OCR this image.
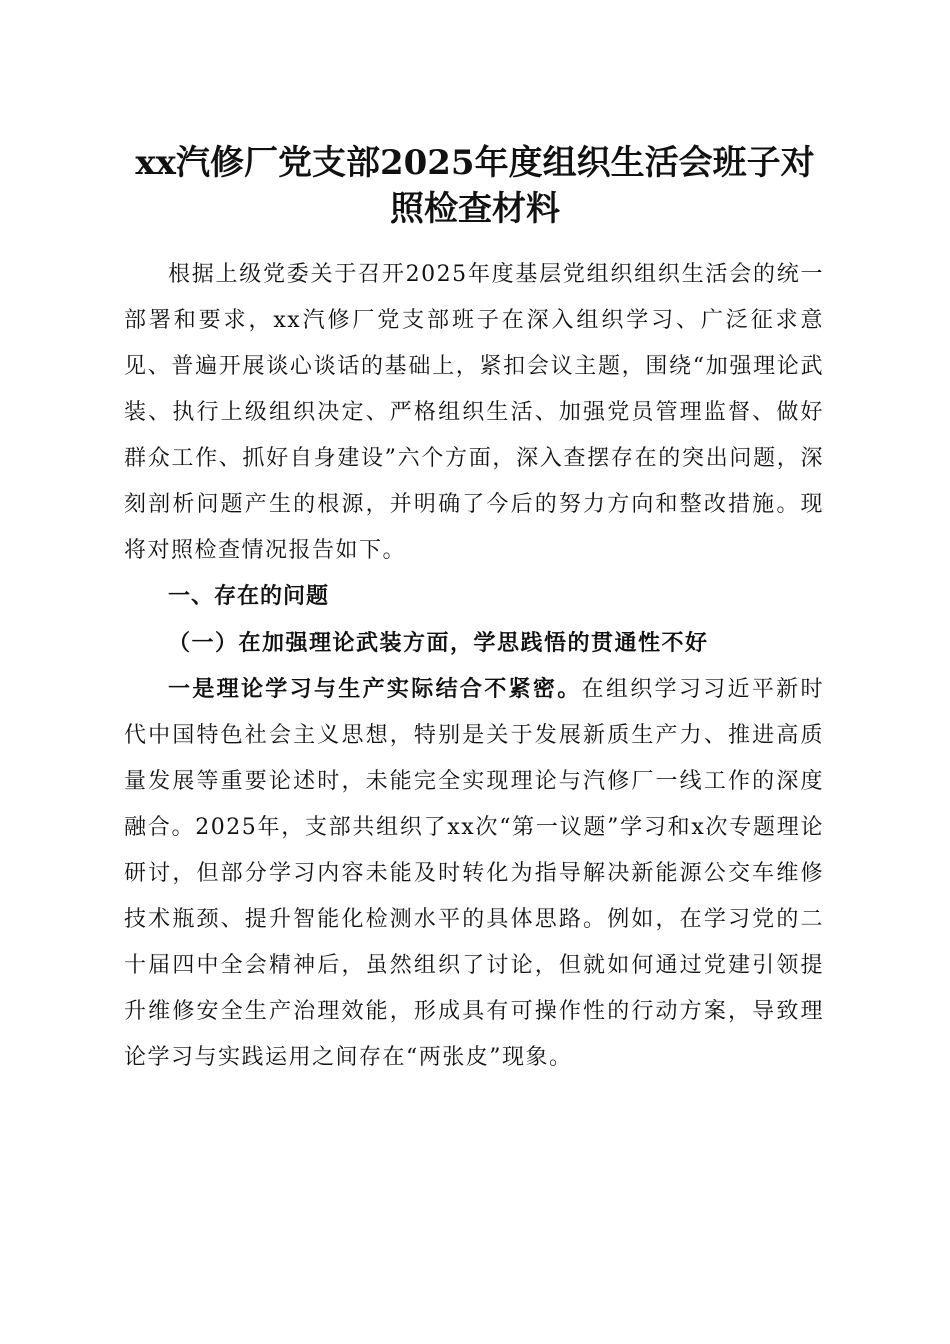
xx汽修厂党支部2025年度组织生活会班子对
照检查材料

根据上级党委关于召开2025年度基层党组织组织生活会的统一部署和要求，xx汽修厂党支部班子在深入组织学习、广泛征求意见、普遍开展谈心谈话的基础上，紧扣会议主题，围绕“加强理论武装、执行上级组织决定、严格组织生活、加强党员管理监督、做好群众工作、抓好自身建设”六个方面，深入查摆存在的突出问题，深刻剖析问题产生的根源，并明确了今后的努力方向和整改措施。现将对照检查情况报告如下。

一、存在的问题

（一）在加强理论武装方面，学思践悟的贯通性不好

一是理论学习与生产实际结合不紧密。在组织学习习近平新时代中国特色社会主义思想，特别是关于发展新质生产力、推进高质量发展等重要论述时，未能完全实现理论与汽修厂一线工作的深度融合。2025年，支部共组织了xx次“第一议题”学习和x次专题理论研讨，但部分学习内容未能及时转化为指导解决新能源公交车维修技术瓶颈、提升智能化检测水平的具体思路。例如，在学习党的二十届四中全会精神后，虽然组织了讨论，但就如何通过党建引领提升维修安全生产治理效能，形成具有可操作性的行动方案，导致理论学习与实践运用之间存在“两张皮”现象。
